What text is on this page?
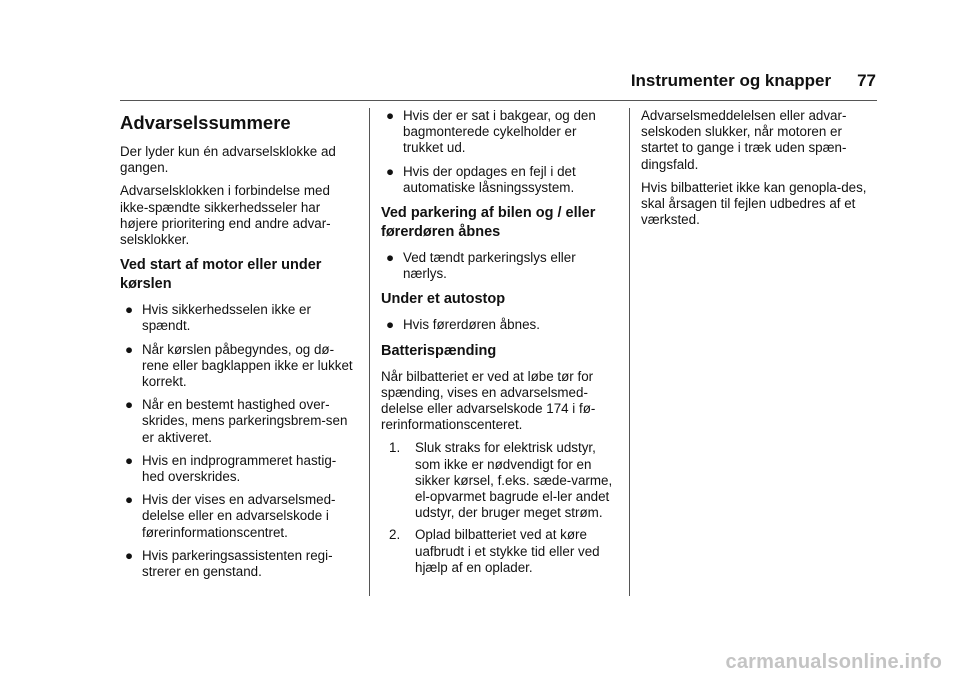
Instrumenter og knapper 77
Advarselssummere

Der lyder kun én advarselsklokke ad gangen.

Advarselsklokken i forbindelse med ikke-spændte sikkerhedsseler har højere prioritering end andre advar-selsklokker.

Ved start af motor eller under kørslen
● Hvis sikkerhedsselen ikke er spændt.
● Når kørslen påbegyndes, og dø-rene eller bagklappen ikke er lukket korrekt.
● Når en bestemt hastighed over-skrides, mens parkeringsbrem-sen er aktiveret.
● Hvis en indprogrammeret hastig-hed overskrides.
● Hvis der vises en advarselsmed-delelse eller en advarselskode i førerinformationscentret.
● Hvis parkeringsassistenten regi-strerer en genstand.
● Hvis der er sat i bakgear, og den bagmonterede cykelholder er trukket ud.
● Hvis der opdages en fejl i det automatiske låsningssystem.
Ved parkering af bilen og / eller førerdøren åbnes
● Ved tændt parkeringslys eller nærlys.
Under et autostop
● Hvis førerdøren åbnes.
Batterispænding

Når bilbatteriet er ved at løbe tør for spænding, vises en advarselsmed-delelse eller advarselskode 174 i fø-rerinformationscenteret.

1. Sluk straks for elektrisk udstyr, som ikke er nødvendigt for en sikker kørsel, f.eks. sæde-varme, el-opvarmet bagrude el-ler andet udstyr, der bruger meget strøm.
2. Oplad bilbatteriet ved at køre uafbrudt i et stykke tid eller ved hjælp af en oplader.

Advarselsmeddelelsen eller advar-selskoden slukker, når motoren er startet to gange i træk uden spæn-dingsfald.

Hvis bilbatteriet ikke kan genopla-des, skal årsagen til fejlen udbedres af et værksted.

carmanualsonline.info
